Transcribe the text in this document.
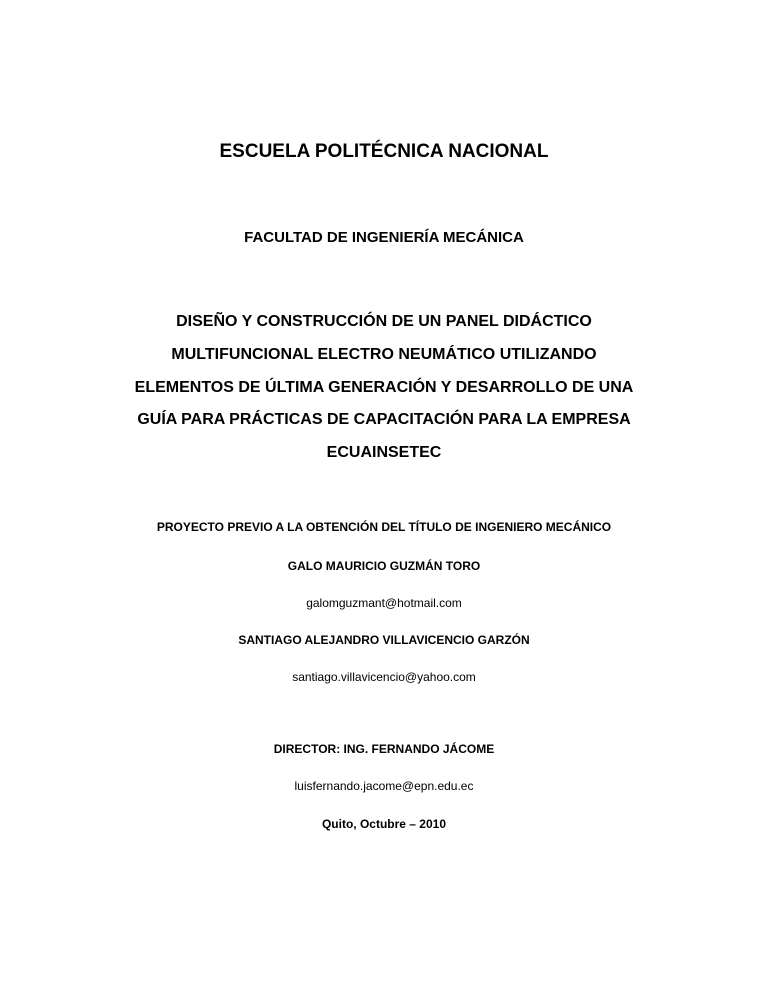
ESCUELA POLITÉCNICA NACIONAL
FACULTAD DE INGENIERÍA MECÁNICA
DISEÑO Y CONSTRUCCIÓN DE UN PANEL DIDÁCTICO
MULTIFUNCIONAL ELECTRO NEUMÁTICO UTILIZANDO
ELEMENTOS DE ÚLTIMA GENERACIÓN Y DESARROLLO DE UNA
GUÍA PARA PRÁCTICAS DE CAPACITACIÓN PARA LA EMPRESA
ECUAINSETEC
PROYECTO PREVIO A LA OBTENCIÓN DEL TÍTULO DE INGENIERO MECÁNICO
GALO MAURICIO GUZMÁN TORO
galomguzmant@hotmail.com
SANTIAGO ALEJANDRO VILLAVICENCIO GARZÓN
santiago.villavicencio@yahoo.com
DIRECTOR: ING. FERNANDO JÁCOME
luisfernando.jacome@epn.edu.ec
Quito, Octubre – 2010
